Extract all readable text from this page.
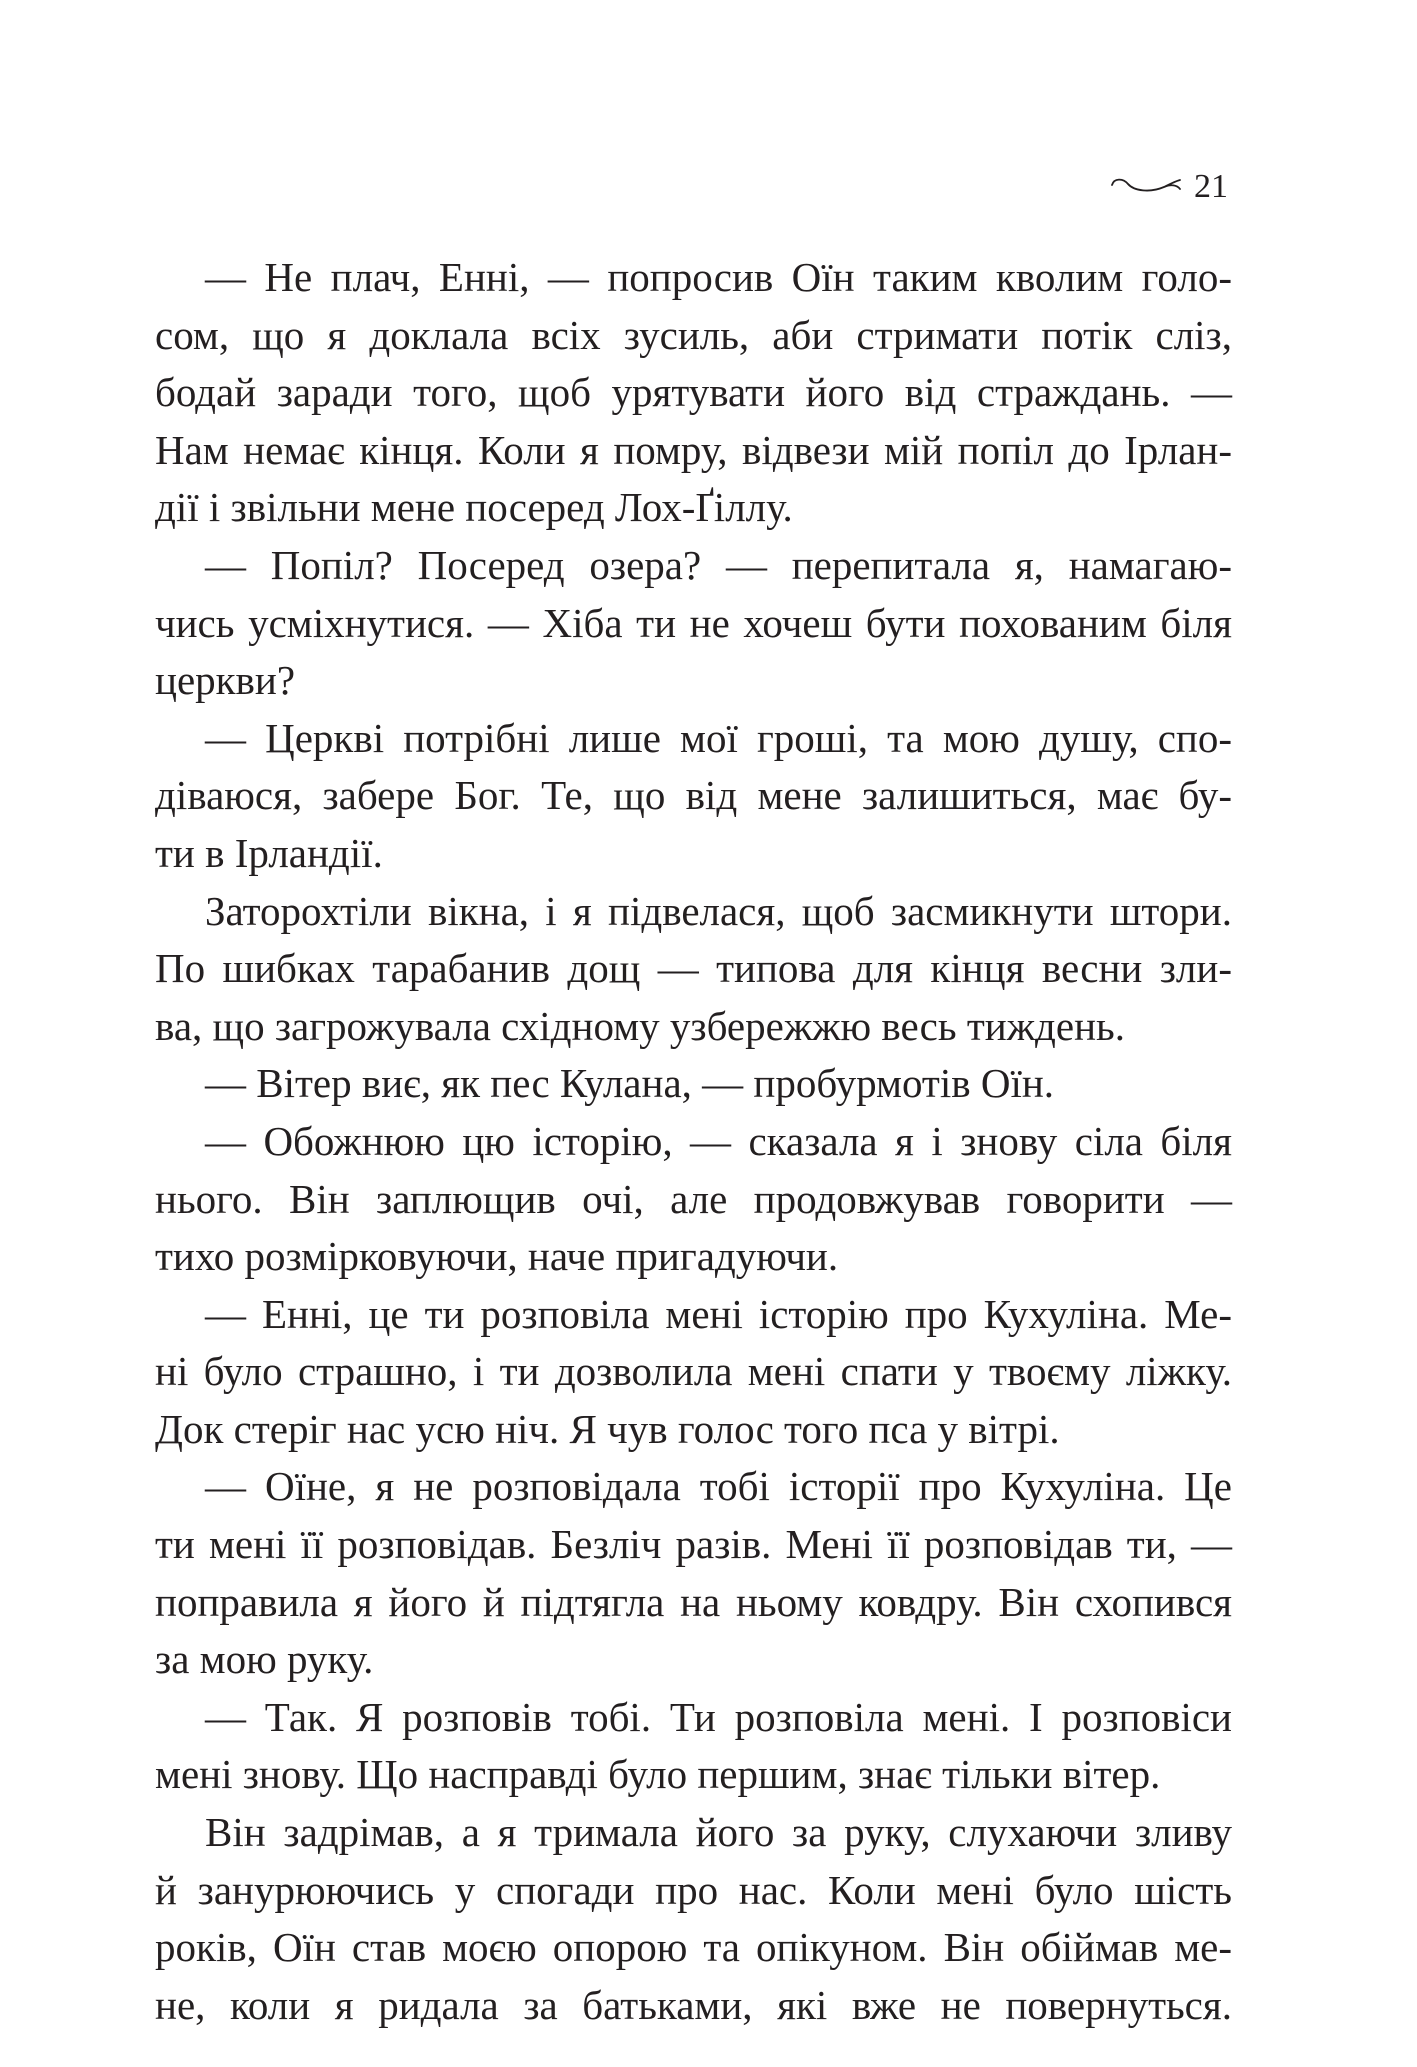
21
— Не плач, Енні, — попросив Оїн таким кволим голо-
сом, що я доклала всіх зусиль, аби стримати потік сліз,
бодай заради того, щоб урятувати його від страждань. —
Нам немає кінця. Коли я помру, відвези мій попіл до Ірлан-
дії і звільни мене посеред Лох-Ґіллу.
— Попіл? Посеред озера? — перепитала я, намагаю-
чись усміхнутися. — Хіба ти не хочеш бути похованим біля
церкви?
— Церкві потрібні лише мої гроші, та мою душу, спо-
діваюся, забере Бог. Те, що від мене залишиться, має бу-
ти в Ірландії.
Заторохтіли вікна, і я підвелася, щоб засмикнути штори.
По шибках тарабанив дощ — типова для кінця весни зли-
ва, що загрожувала східному узбережжю весь тиждень.
— Вітер виє, як пес Кулана, — пробурмотів Оїн.
— Обожнюю цю історію, — сказала я і знову сіла біля
нього. Він заплющив очі, але продовжував говорити —
тихо розмірковуючи, наче пригадуючи.
— Енні, це ти розповіла мені історію про Кухуліна. Ме-
ні було страшно, і ти дозволила мені спати у твоєму ліжку.
Док стеріг нас усю ніч. Я чув голос того пса у вітрі.
— Оїне, я не розповідала тобі історії про Кухуліна. Це
ти мені її розповідав. Безліч разів. Мені її розповідав ти, —
поправила я його й підтягла на ньому ковдру. Він схопився
за мою руку.
— Так. Я розповів тобі. Ти розповіла мені. І розповіси
мені знову. Що насправді було першим, знає тільки вітер.
Він задрімав, а я тримала його за руку, слухаючи зливу
й занурюючись у спогади про нас. Коли мені було шість
років, Оїн став моєю опорою та опікуном. Він обіймав ме-
не, коли я ридала за батьками, які вже не повернуться.
